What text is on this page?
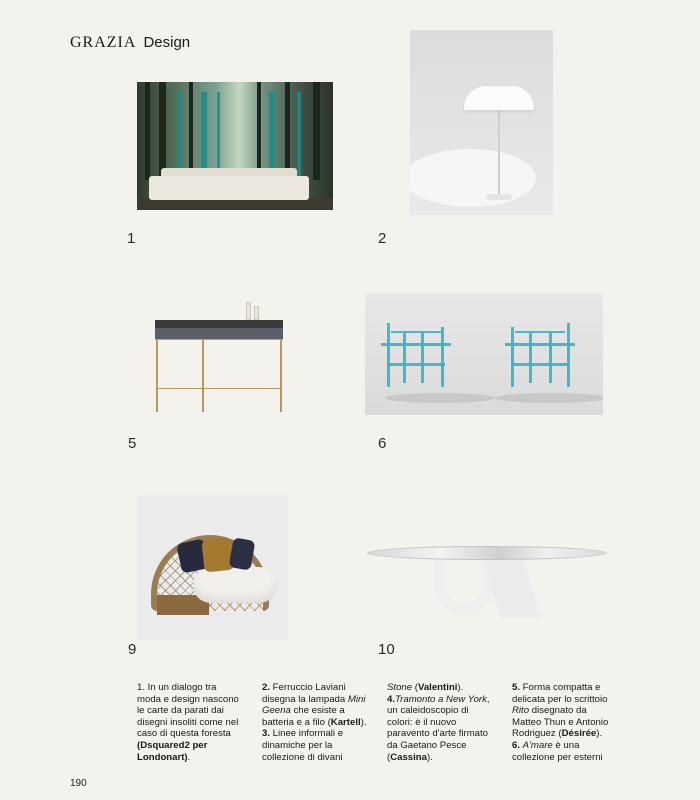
GRAZIA Design
1	2
5	6
9	10

1. In un dialogo tra moda e design nascono le carte da parati dai disegni insoliti come nel caso di questa foresta (Dsquared2 per Londonart).

2. Ferruccio Laviani disegna la lampada Mini Geena che esiste a batteria e a filo (Kartell).

3. Linee informali e dinamiche per la collezione di divani

Stone (Valentini).

4.Tramonto a New York, un caleidoscopio di colori: è il nuovo paravento d'arte firmato da Gaetano Pesce (Cassina).

5. Forma compatta e delicata per lo scrittoio Rito disegnato da Matteo Thun e Antonio Rodriguez (Désirée).

6. A'mare è una collezione per esterni

190
